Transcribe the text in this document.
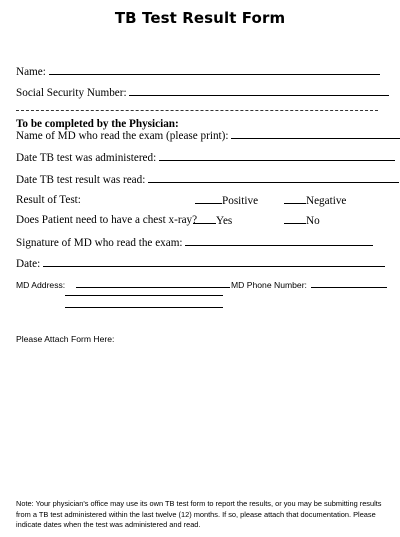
TB Test Result Form
Name:
Social Security Number:
To be completed by the Physician:
Name of MD who read the exam (please print):
Date TB test was administered:
Date TB test result was read:
Result of Test:	Positive	Negative
Does Patient need to have a chest x-ray?	Yes	No
Signature of MD who read the exam:
Date:
MD Address:	MD Phone Number:
Please Attach Form Here:
Note: Your physician's office may use its own TB test form to report the results, or you may be submitting results from a TB test administered within the last twelve (12) months. If so, please attach that documentation. Please indicate dates when the test was administered and read.
